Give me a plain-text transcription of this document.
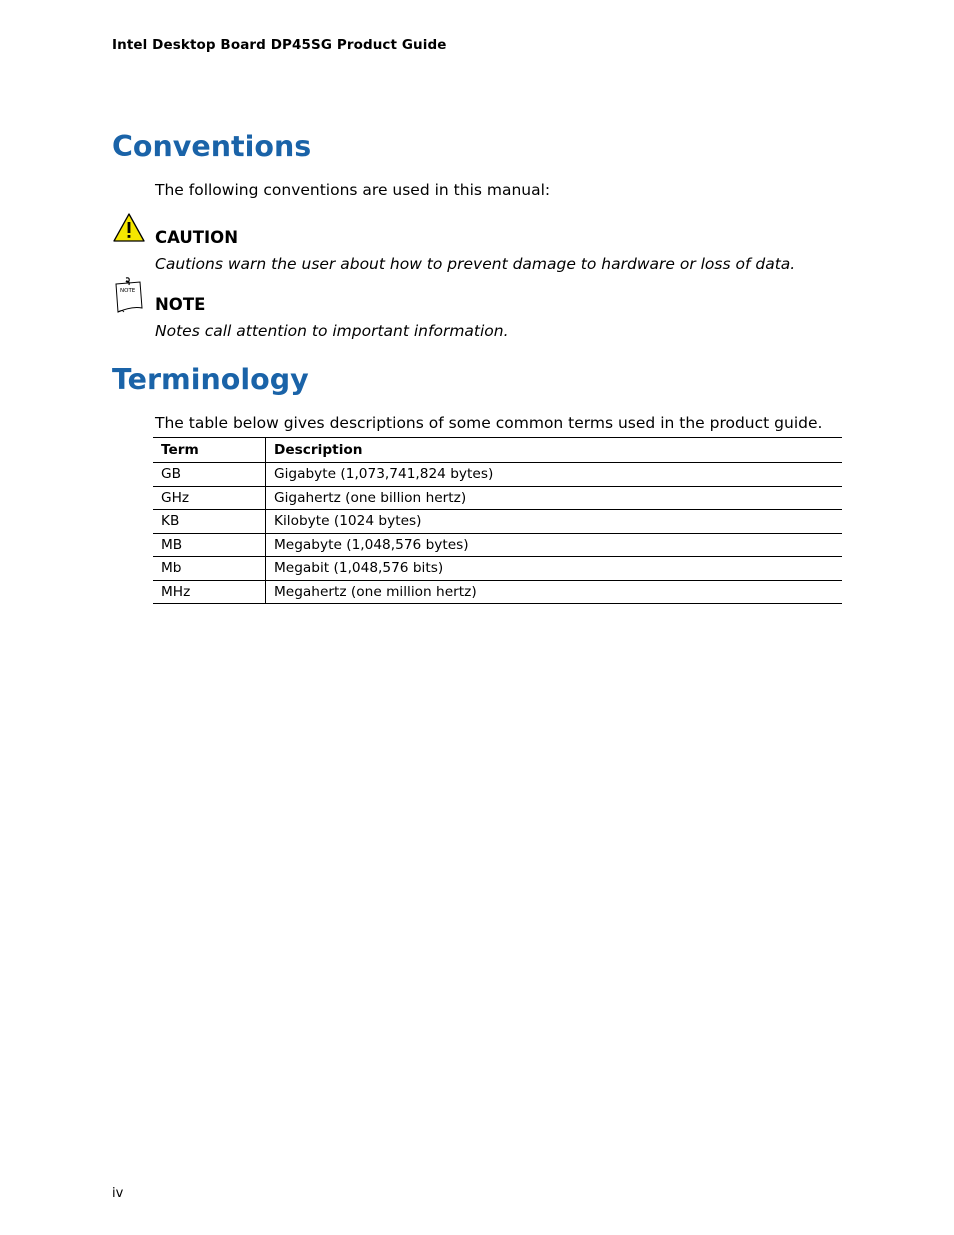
Intel Desktop Board DP45SG Product Guide
Conventions
The following conventions are used in this manual:
CAUTION
Cautions warn the user about how to prevent damage to hardware or loss of data.
NOTE
NOTE
Notes call attention to important information.
Terminology
The table below gives descriptions of some common terms used in the product guide.
Term	Description
GB	Gigabyte (1,073,741,824 bytes)
GHz	Gigahertz (one billion hertz)
KB	Kilobyte (1024 bytes)
MB	Megabyte (1,048,576 bytes)
Mb	Megabit (1,048,576 bits)
MHz	Megahertz (one million hertz)
iv
